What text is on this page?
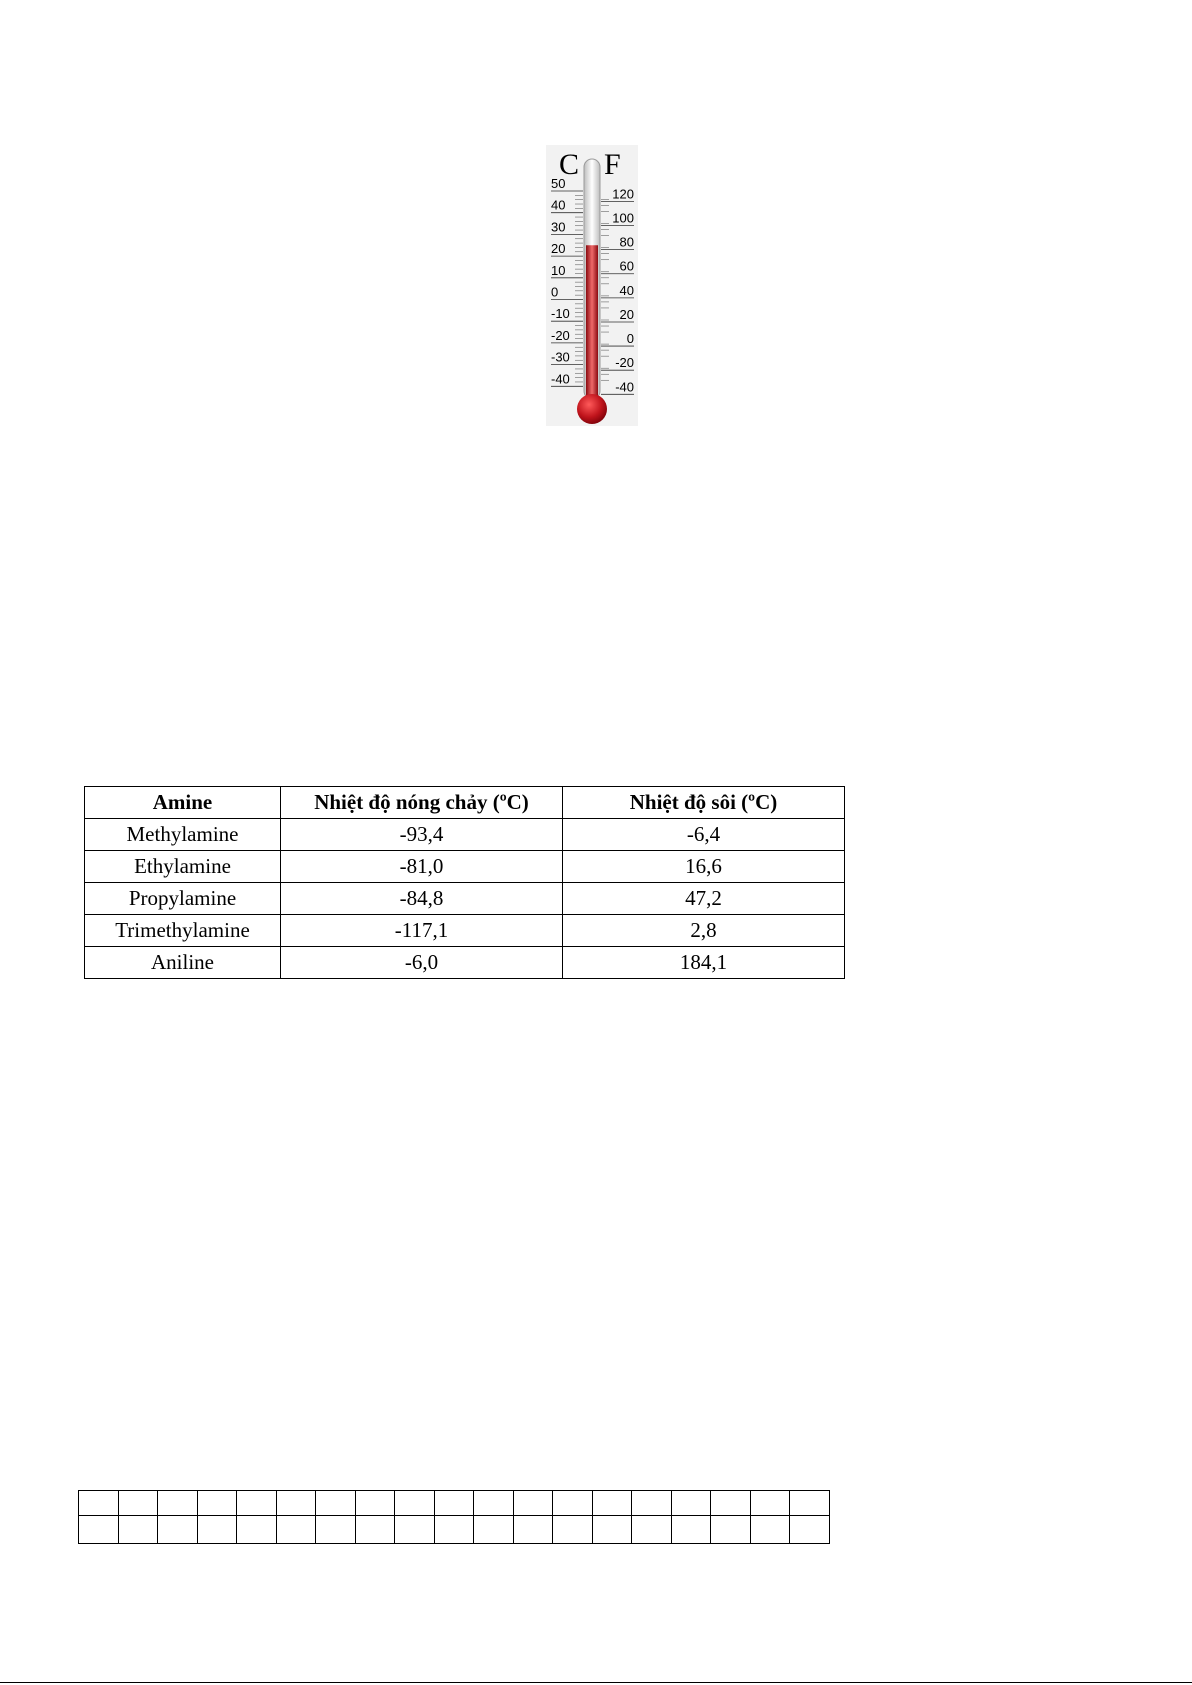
C F
50
40
30
20
10
0
-10
-20
-30
-40
120
100
80
60
40
20
0
-20
-40
Amine	Nhiệt độ nóng chảy (ºC)	Nhiệt độ sôi (ºC)
Methylamine	-93,4	-6,4
Ethylamine	-81,0	16,6
Propylamine	-84,8	47,2
Trimethylamine	-117,1	2,8
Aniline	-6,0	184,1
